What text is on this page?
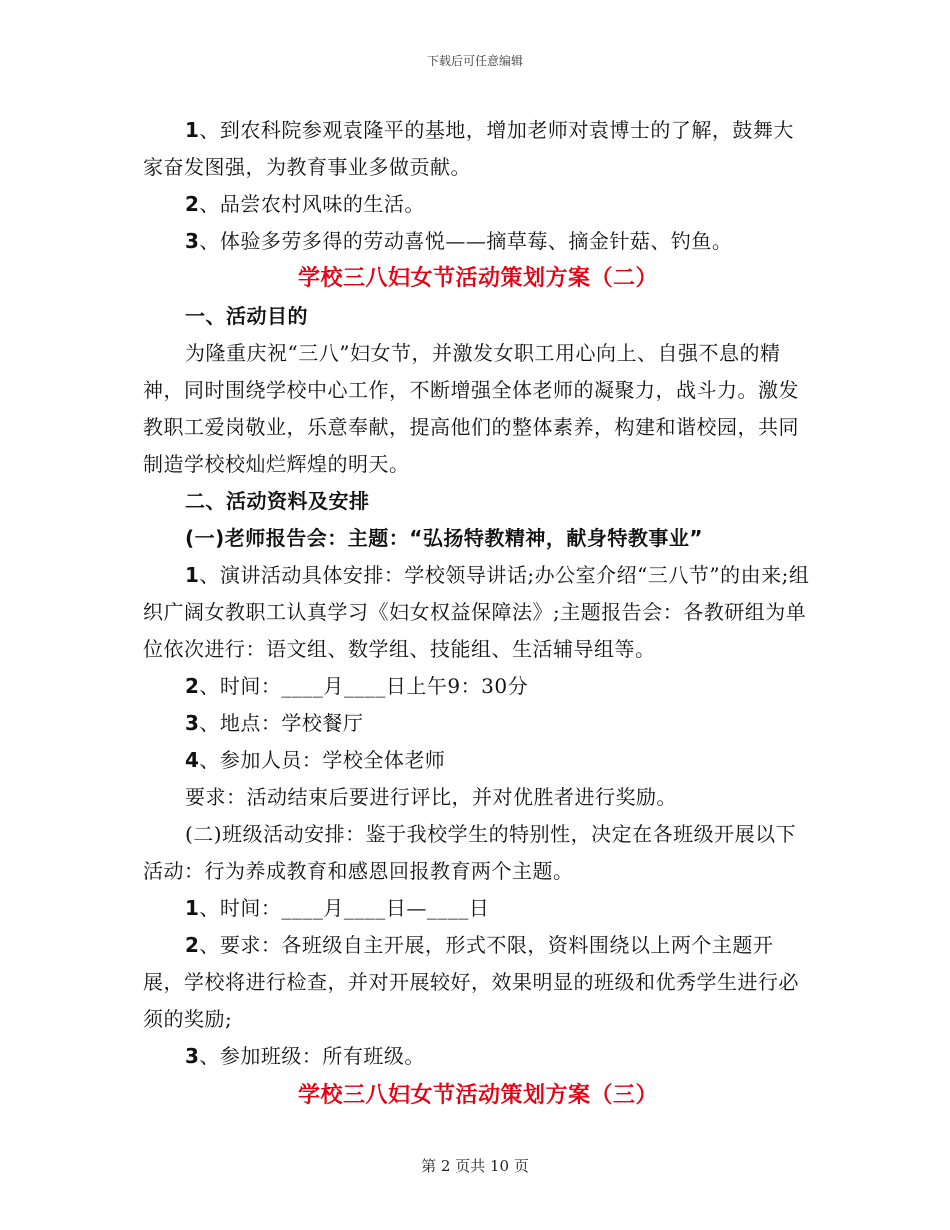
下载后可任意编辑

1、到农科院参观袁隆平的基地，增加老师对袁博士的了解，鼓舞大家奋发图强，为教育事业多做贡献。

2、品尝农村风味的生活。

3、体验多劳多得的劳动喜悦——摘草莓、摘金针菇、钓鱼。

学校三八妇女节活动策划方案（二）

一、活动目的

为隆重庆祝“三八”妇女节，并激发女职工用心向上、自强不息的精神，同时围绕学校中心工作，不断增强全体老师的凝聚力，战斗力。激发教职工爱岗敬业，乐意奉献，提高他们的整体素养，构建和谐校园，共同制造学校校灿烂辉煌的明天。

二、活动资料及安排

(一)老师报告会：主题：“弘扬特教精神，献身特教事业”

1、演讲活动具体安排：学校领导讲话;办公室介绍“三八节”的由来;组织广阔女教职工认真学习《妇女权益保障法》;主题报告会：各教研组为单位依次进行：语文组、数学组、技能组、生活辅导组等。

2、时间：____月____日上午9：30分

3、地点：学校餐厅

4、参加人员：学校全体老师

要求：活动结束后要进行评比，并对优胜者进行奖励。

(二)班级活动安排：鉴于我校学生的特别性，决定在各班级开展以下活动：行为养成教育和感恩回报教育两个主题。

1、时间：____月____日—____日

2、要求：各班级自主开展，形式不限，资料围绕以上两个主题开展，学校将进行检查，并对开展较好，效果明显的班级和优秀学生进行必须的奖励;

3、参加班级：所有班级。

学校三八妇女节活动策划方案（三）

第 2 页共 10 页
